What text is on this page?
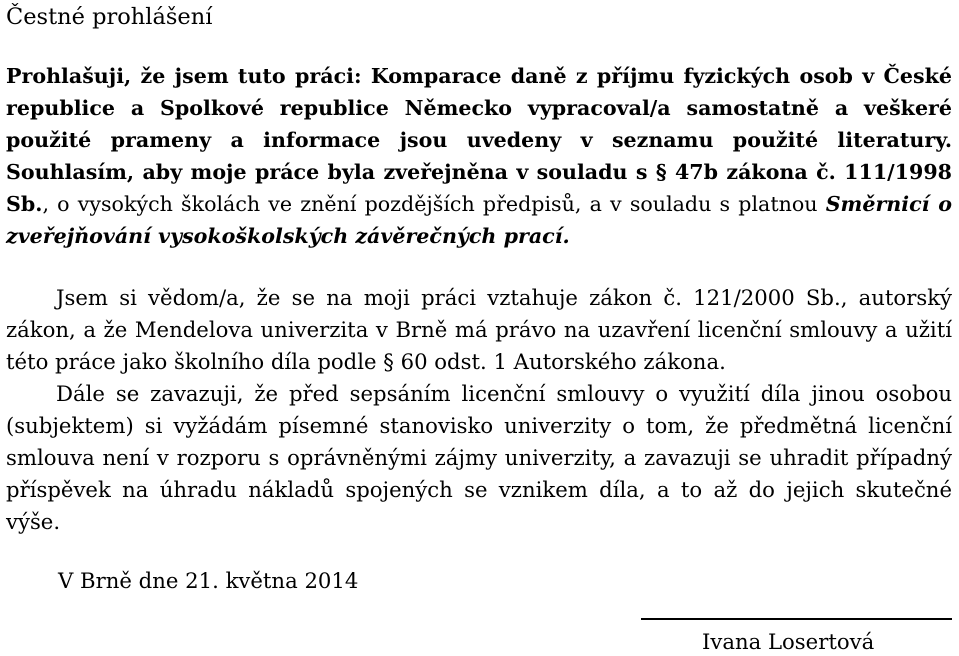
Čestné prohlášení

Prohlašuji, že jsem tuto práci: Komparace daně z příjmu fyzických osob v České republice a Spolkové republice Německo vypracoval/a samostatně a veškeré použité prameny a informace jsou uvedeny v seznamu použité literatury. Souhlasím, aby moje práce byla zveřejněna v souladu s § 47b zákona č. 111/1998 Sb., o vysokých školách ve znění pozdějších předpisů, a v souladu s platnou Směrnicí o zveřejňování vysokoškolských závěrečných prací.

Jsem si vědom/a, že se na moji práci vztahuje zákon č. 121/2000 Sb., autorský zákon, a že Mendelova univerzita v Brně má právo na uzavření licenční smlouvy a užití této práce jako školního díla podle § 60 odst. 1 Autorského zákona.

Dále se zavazuji, že před sepsáním licenční smlouvy o využití díla jinou osobou (subjektem) si vyžádám písemné stanovisko univerzity o tom, že předmětná licenční smlouva není v rozporu s oprávněnými zájmy univerzity, a zavazuji se uhradit případný příspěvek na úhradu nákladů spojených se vznikem díla, a to až do jejich skutečné výše.

V Brně dne 21. května 2014
Ivana Losertová
